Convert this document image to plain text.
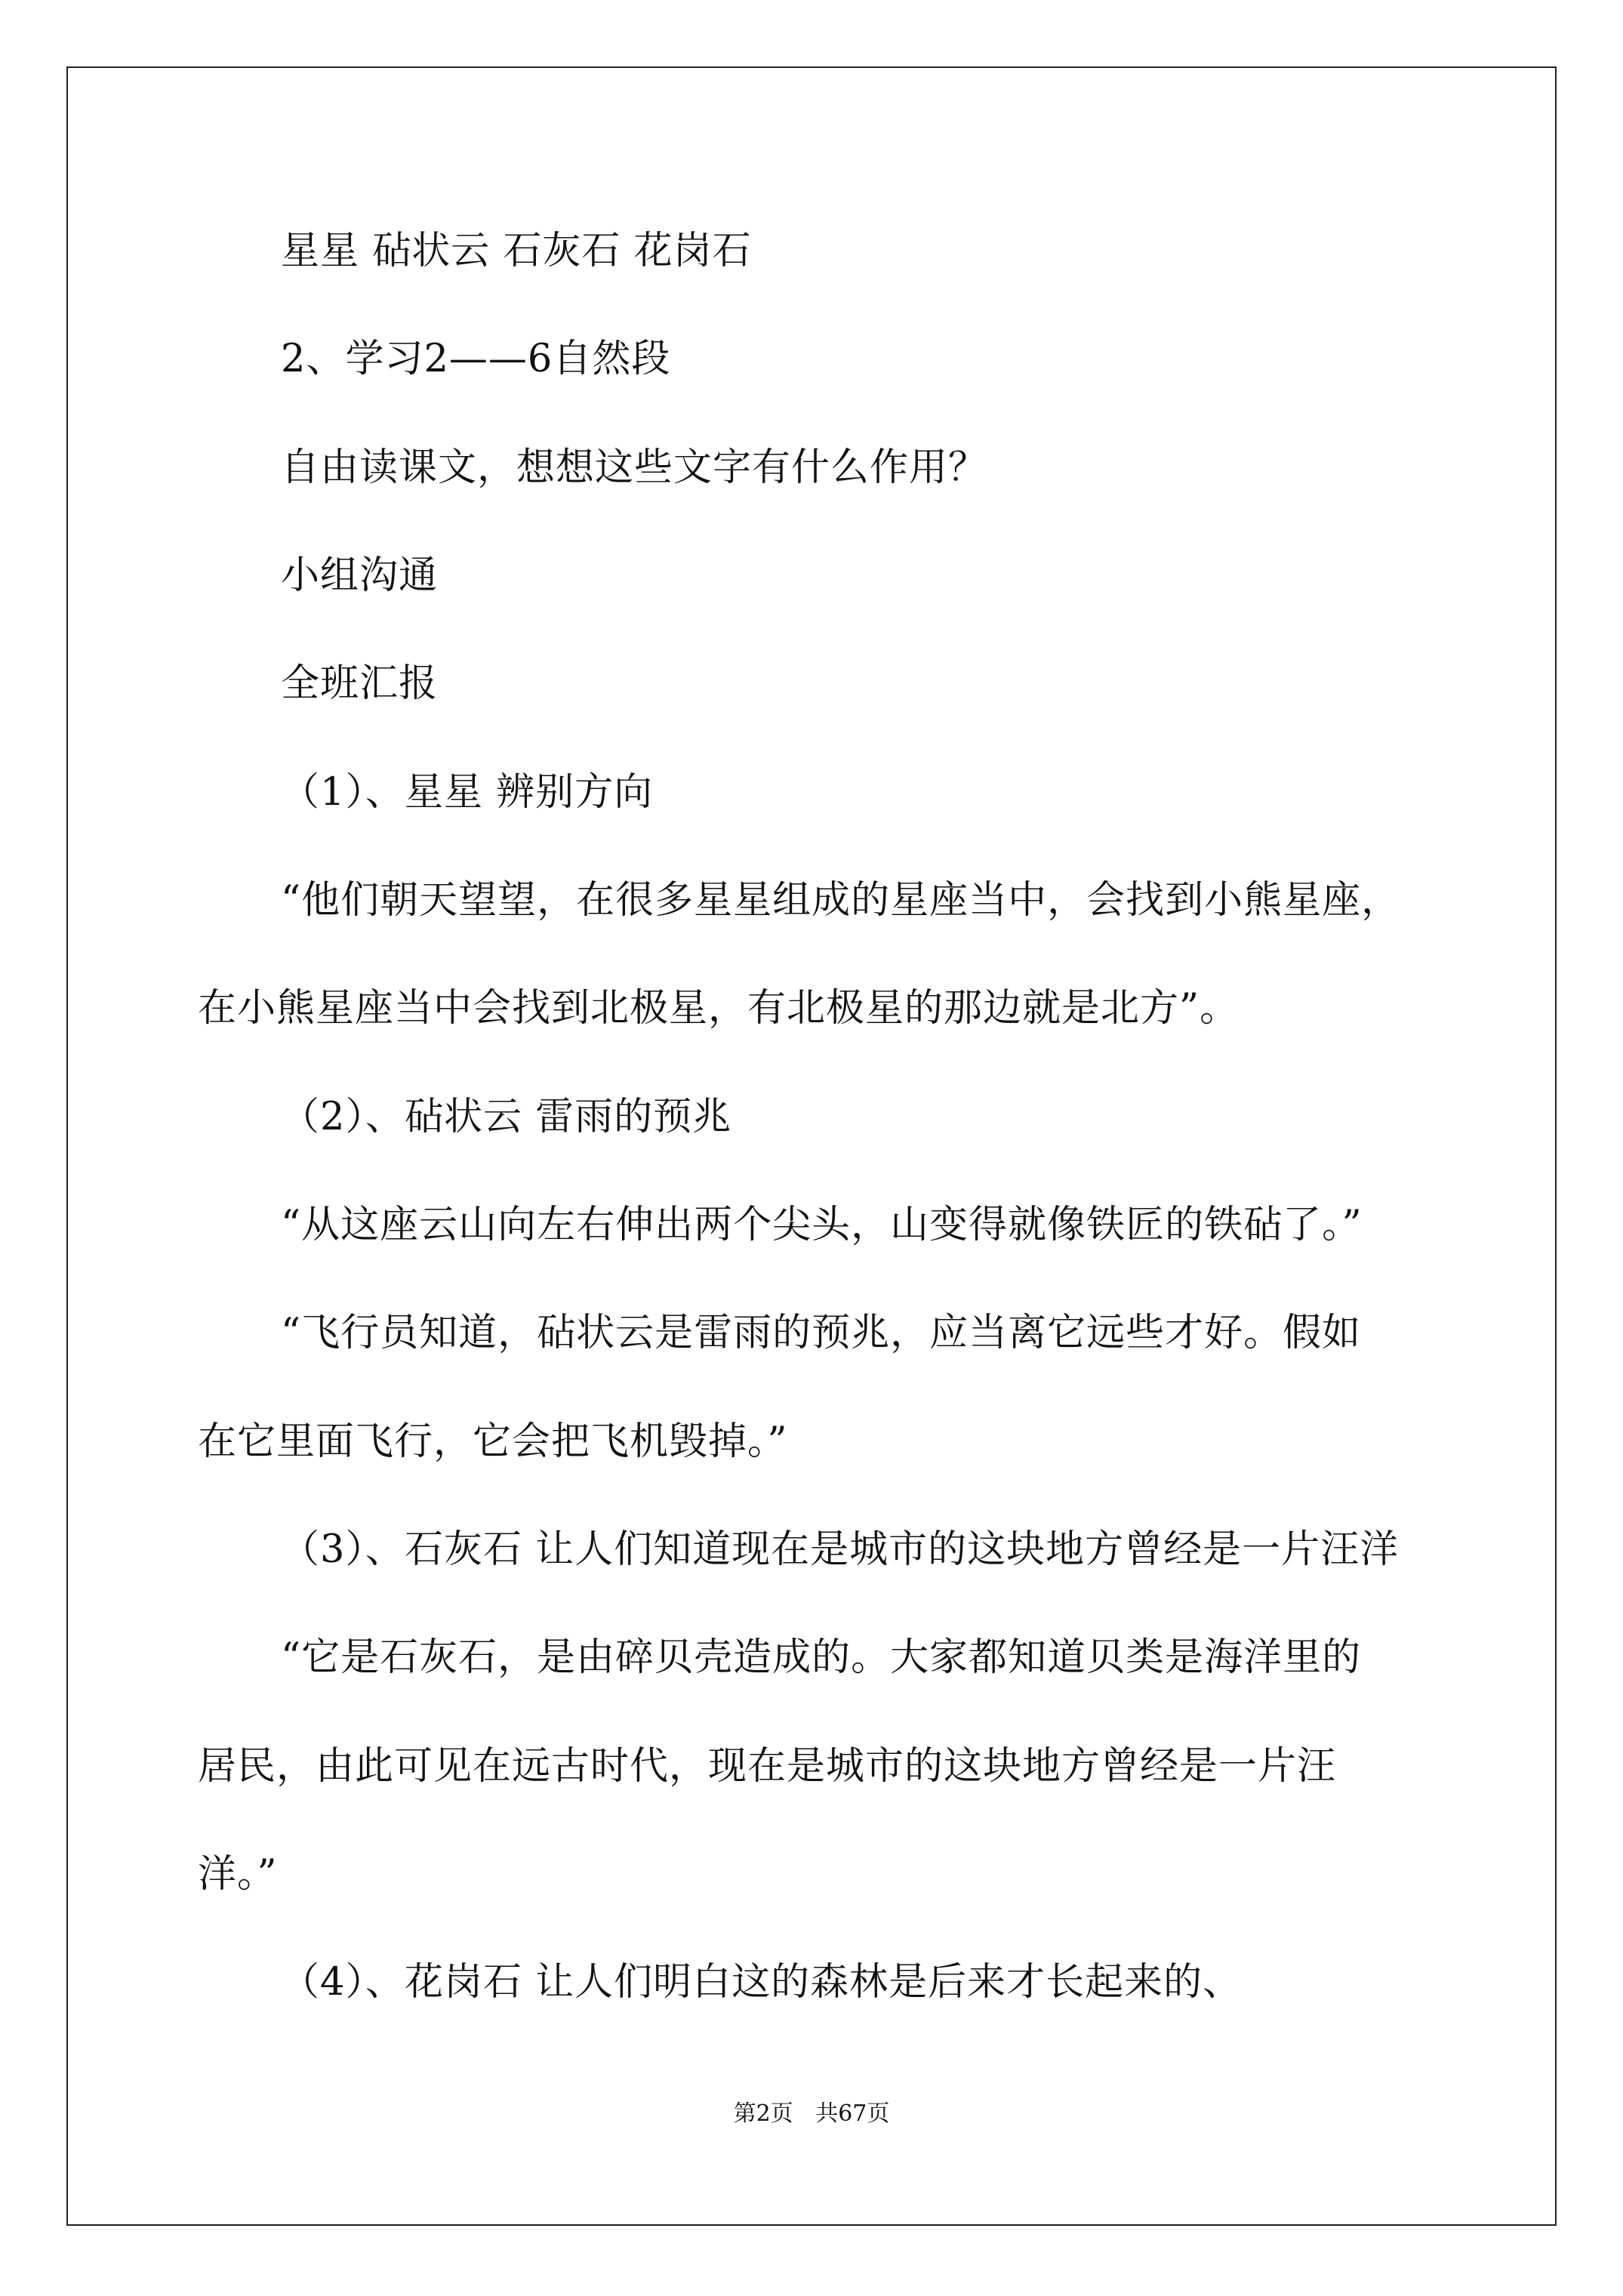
星星 砧状云 石灰石 花岗石
2、学习2——6自然段
自由读课文，想想这些文字有什么作用？
小组沟通
全班汇报
（1）、星星 辨别方向
“他们朝天望望，在很多星星组成的星座当中，会找到小熊星座，
在小熊星座当中会找到北极星，有北极星的那边就是北方”。
（2）、砧状云 雷雨的预兆
“从这座云山向左右伸出两个尖头，山变得就像铁匠的铁砧了。”
“飞行员知道，砧状云是雷雨的预兆，应当离它远些才好。假如
在它里面飞行，它会把飞机毁掉。”
（3）、石灰石 让人们知道现在是城市的这块地方曾经是一片汪洋
“它是石灰石，是由碎贝壳造成的。大家都知道贝类是海洋里的
居民，由此可见在远古时代，现在是城市的这块地方曾经是一片汪
洋。”
（4）、花岗石 让人们明白这的森林是后来才长起来的、
第2页 共67页
